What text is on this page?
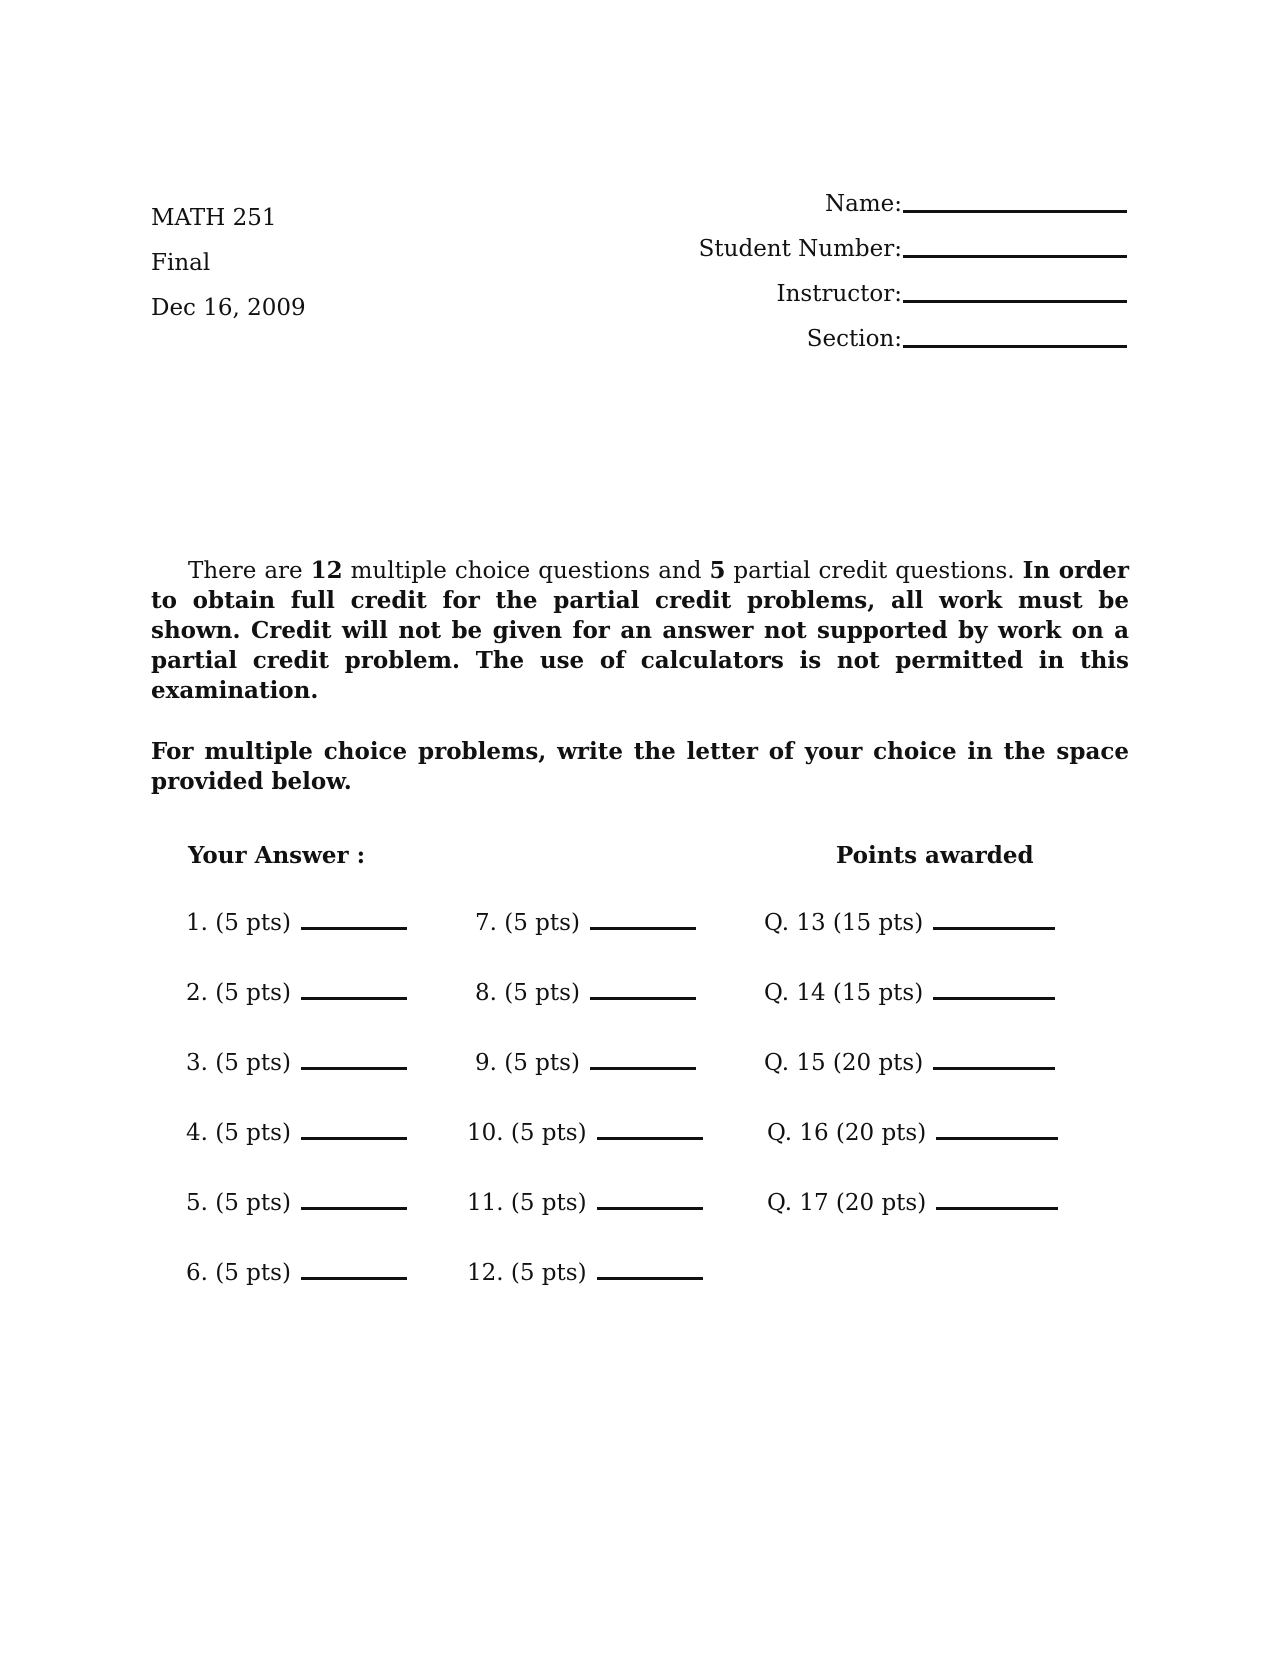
MATH 251
Final
Dec 16, 2009
Name:
Student Number:
Instructor:
Section:

There are 12 multiple choice questions and 5 partial credit questions. In order to obtain full credit for the partial credit problems, all work must be shown. Credit will not be given for an answer not supported by work on a partial credit problem. The use of calculators is not permitted in this examination.

For multiple choice problems, write the letter of your choice in the space provided below.

Your Answer :	Points awarded
1. (5 pts)
2. (5 pts)
3. (5 pts)
4. (5 pts)
5. (5 pts)
6. (5 pts)
7. (5 pts)
8. (5 pts)
9. (5 pts)
10. (5 pts)
11. (5 pts)
12. (5 pts)
Q. 13 (15 pts)
Q. 14 (15 pts)
Q. 15 (20 pts)
Q. 16 (20 pts)
Q. 17 (20 pts)
